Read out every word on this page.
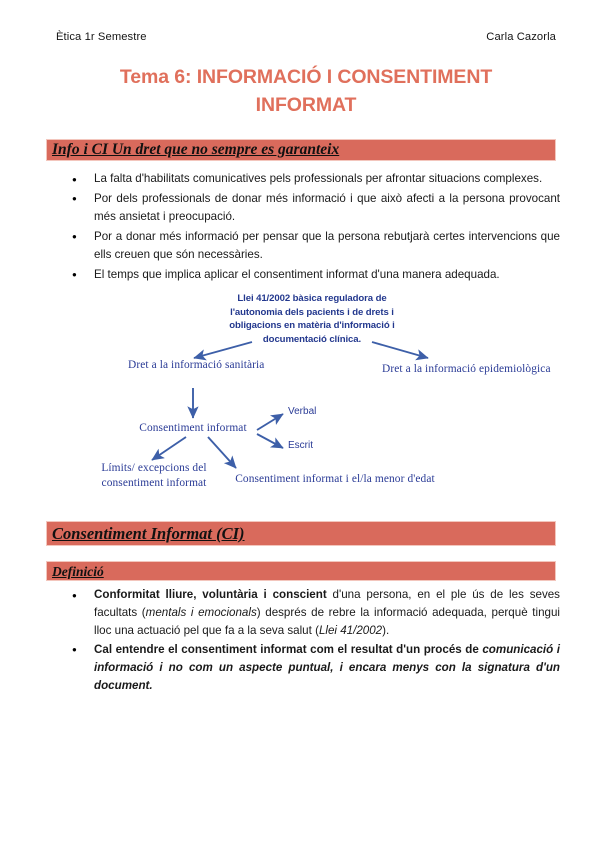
Ètica 1r Semestre	Carla Cazorla
Tema 6: INFORMACIÓ I CONSENTIMENT
INFORMAT
Info i CI Un dret que no sempre es garanteix
● La falta d'habilitats comunicatives pels professionals per afrontar situacions complexes.
● Por dels professionals de donar més informació i que això afecti a la persona provocant més ansietat i preocupació.
● Por a donar més informació per pensar que la persona rebutjarà certes intervencions que ells creuen que són necessàries.
● El temps que implica aplicar el consentiment informat d'una manera adequada.
Llei 41/2002 bàsica reguladora de l'autonomia dels pacients i de drets i obligacions en matèria d'informació i documentació clínica.
Dret a la informació sanitària	Dret a la informació epidemiològica
Consentiment informat
Verbal
Escrit
Límits/ excepcions del consentiment informat	Consentiment informat i el/la menor d'edat
Consentiment Informat (CI)
Definició
● Conformitat lliure, voluntària i conscient d'una persona, en el ple ús de les seves facultats (mentals i emocionals) després de rebre la informació adequada, perquè tingui lloc una actuació pel que fa a la seva salut (Llei 41/2002).
● Cal entendre el consentiment informat com el resultat d'un procés de comunicació i informació i no com un aspecte puntual, i encara menys con la signatura d'un document.
